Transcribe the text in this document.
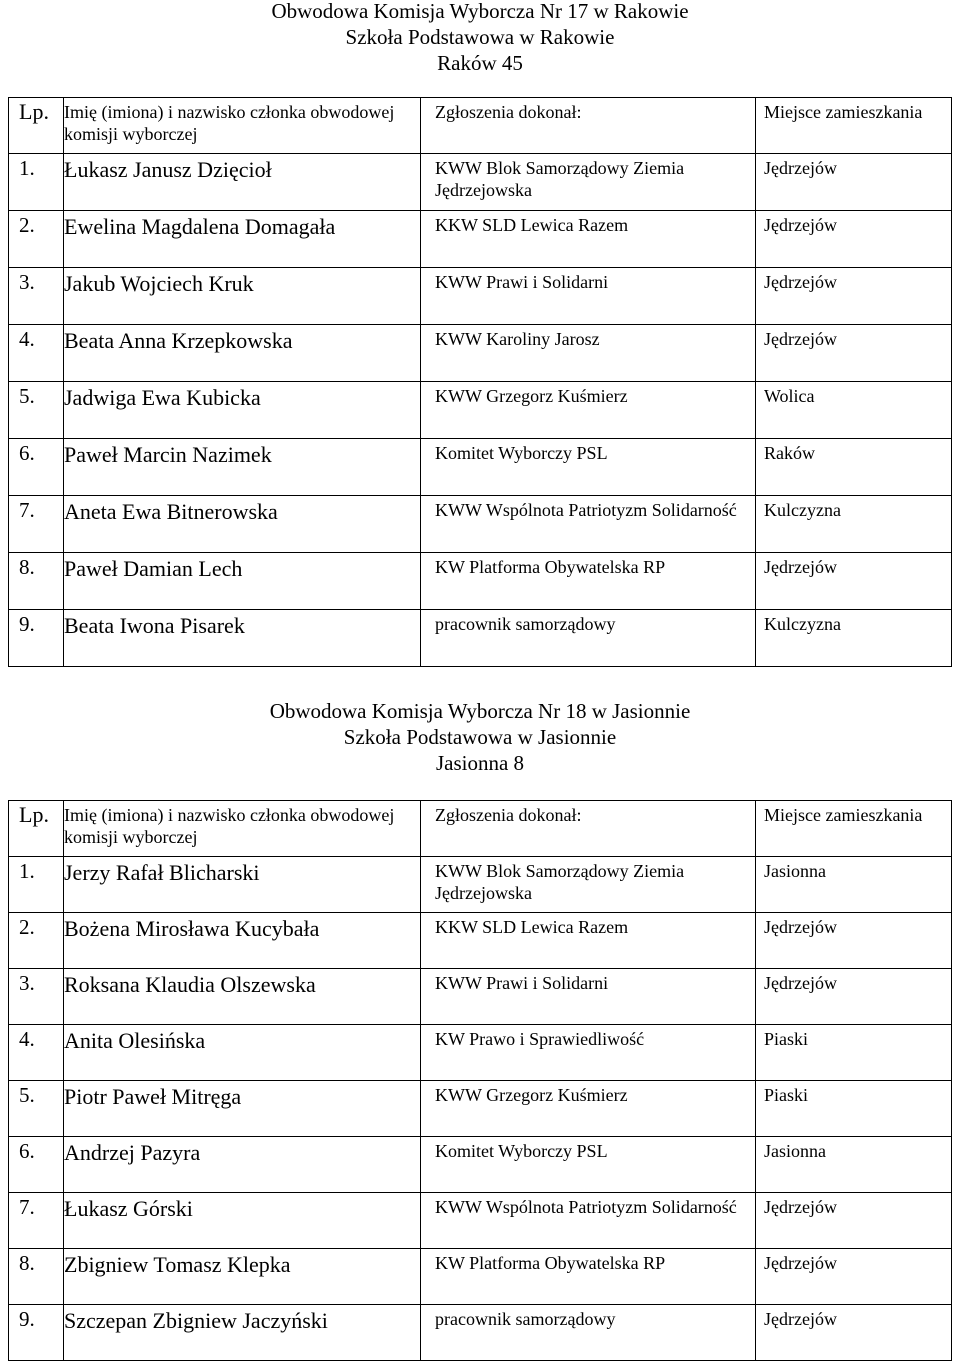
Obwodowa Komisja Wyborcza Nr 17 w Rakowie
Szkoła Podstawowa w Rakowie
Raków 45
Lp.	Imię (imiona) i nazwisko członka obwodowej komisji wyborczej	Zgłoszenia dokonał:	Miejsce zamieszkania
1.	Łukasz Janusz Dzięcioł	KWW Blok Samorządowy Ziemia Jędrzejowska	Jędrzejów
2.	Ewelina Magdalena Domagała	KKW SLD Lewica Razem	Jędrzejów
3.	Jakub Wojciech Kruk	KWW Prawi i Solidarni	Jędrzejów
4.	Beata Anna Krzepkowska	KWW Karoliny Jarosz	Jędrzejów
5.	Jadwiga Ewa Kubicka	KWW Grzegorz Kuśmierz	Wolica
6.	Paweł Marcin Nazimek	Komitet Wyborczy PSL	Raków
7.	Aneta Ewa Bitnerowska	KWW Wspólnota Patriotyzm Solidarność	Kulczyzna
8.	Paweł Damian Lech	KW Platforma Obywatelska RP	Jędrzejów
9.	Beata Iwona Pisarek	pracownik samorządowy	Kulczyzna
Obwodowa Komisja Wyborcza Nr 18 w Jasionnie
Szkoła Podstawowa w Jasionnie
Jasionna 8
Lp.	Imię (imiona) i nazwisko członka obwodowej komisji wyborczej	Zgłoszenia dokonał:	Miejsce zamieszkania
1.	Jerzy Rafał Blicharski	KWW Blok Samorządowy Ziemia Jędrzejowska	Jasionna
2.	Bożena Mirosława Kucybała	KKW SLD Lewica Razem	Jędrzejów
3.	Roksana Klaudia Olszewska	KWW Prawi i Solidarni	Jędrzejów
4.	Anita Olesińska	KW Prawo i Sprawiedliwość	Piaski
5.	Piotr Paweł Mitręga	KWW Grzegorz Kuśmierz	Piaski
6.	Andrzej Pazyra	Komitet Wyborczy PSL	Jasionna
7.	Łukasz Górski	KWW Wspólnota Patriotyzm Solidarność	Jędrzejów
8.	Zbigniew Tomasz Klepka	KW Platforma Obywatelska RP	Jędrzejów
9.	Szczepan Zbigniew Jaczyński	pracownik samorządowy	Jędrzejów
